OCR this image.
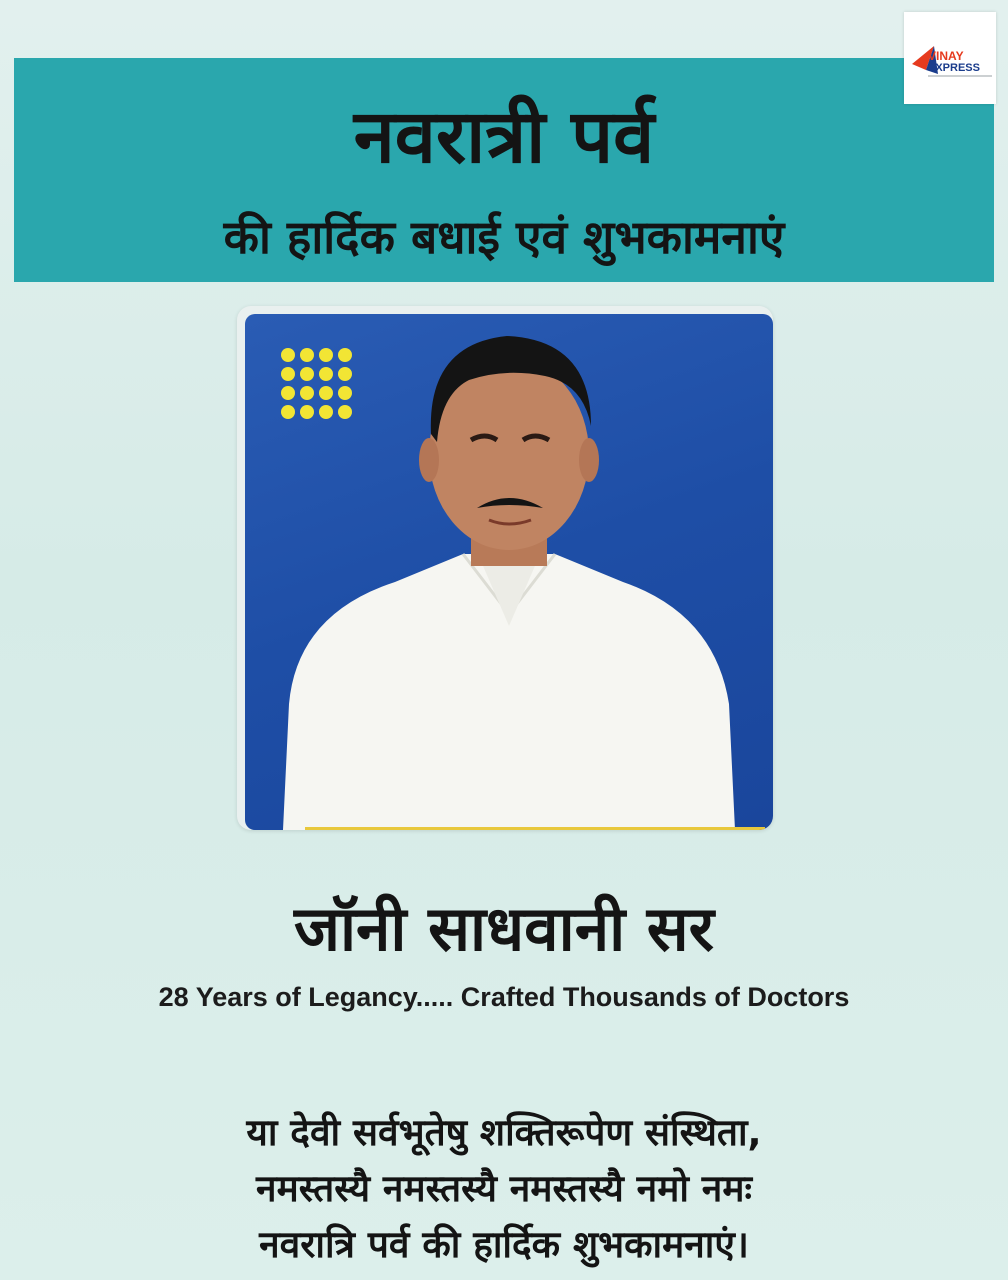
नवरात्री पर्व
की हार्दिक बधाई एवं शुभकामनाएं
VINAY
EXPRESS
जॉनी साधवानी सर
28 Years of Legancy..... Crafted Thousands of Doctors
या देवी सर्वभूतेषु शक्तिरूपेण संस्थिता,
नमस्तस्यै नमस्तस्यै नमस्तस्यै नमो नमः
नवरात्रि पर्व की हार्दिक शुभकामनाएं।
